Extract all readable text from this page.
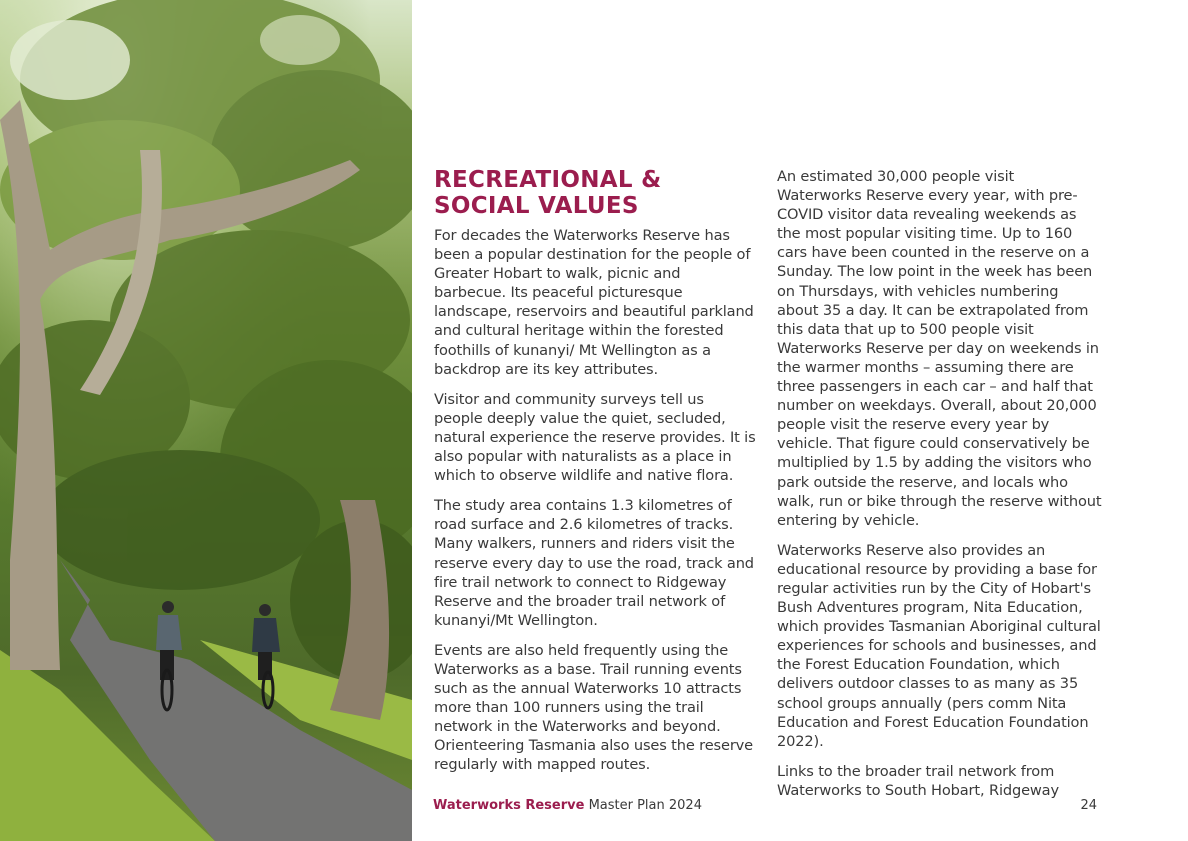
RECREATIONAL &
SOCIAL VALUES

For decades the Waterworks Reserve has been a popular destination for the people of Greater Hobart to walk, picnic and barbecue. Its peaceful picturesque landscape, reservoirs and beautiful parkland and cultural heritage within the forested foothills of kunanyi/ Mt Wellington as a backdrop are its key attributes.

Visitor and community surveys tell us people deeply value the quiet, secluded, natural experience the reserve provides. It is also popular with naturalists as a place in which to observe wildlife and native flora.

The study area contains 1.3 kilometres of road surface and 2.6 kilometres of tracks. Many walkers, runners and riders visit the reserve every day to use the road, track and fire trail network to connect to Ridgeway Reserve and the broader trail network of kunanyi/Mt Wellington.

Events are also held frequently using the Waterworks as a base. Trail running events such as the annual Waterworks 10 attracts more than 100 runners using the trail network in the Waterworks and beyond. Orienteering Tasmania also uses the reserve regularly with mapped routes.

An estimated 30,000 people visit Waterworks Reserve every year, with pre-COVID visitor data revealing weekends as the most popular visiting time. Up to 160 cars have been counted in the reserve on a Sunday. The low point in the week has been on Thursdays, with vehicles numbering about 35 a day. It can be extrapolated from this data that up to 500 people visit Waterworks Reserve per day on weekends in the warmer months – assuming there are three passengers in each car – and half that number on weekdays. Overall, about 20,000 people visit the reserve every year by vehicle. That figure could conservatively be multiplied by 1.5 by adding the visitors who park outside the reserve, and locals who walk, run or bike through the reserve without entering by vehicle.

Waterworks Reserve also provides an educational resource by providing a base for regular activities run by the City of Hobart's Bush Adventures program, Nita Education, which provides Tasmanian Aboriginal cultural experiences for schools and businesses, and the Forest Education Foundation, which delivers outdoor classes to as many as 35 school groups annually (pers comm Nita Education and Forest Education Foundation 2022).

Links to the broader trail network from Waterworks to South Hobart, Ridgeway

Waterworks Reserve Master Plan 2024	24
